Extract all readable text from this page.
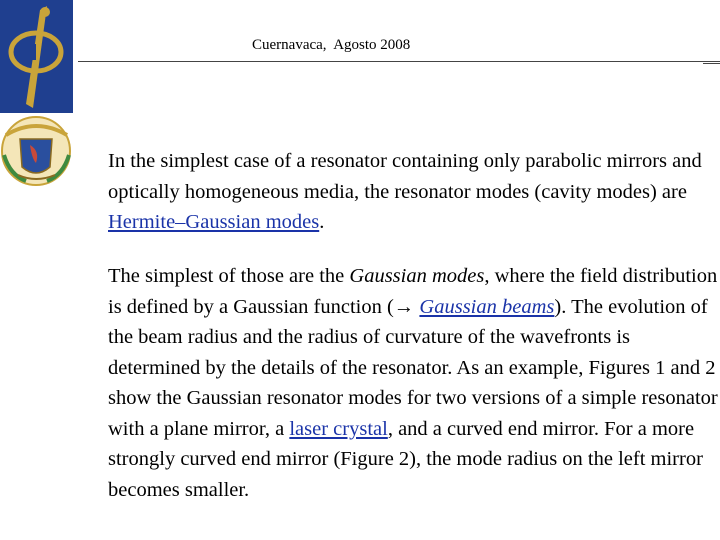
Cuernavaca,  Agosto 2008

In the simplest case of a resonator containing only parabolic mirrors and optically homogeneous media, the resonator modes (cavity modes) are Hermite–Gaussian modes.

The simplest of those are the Gaussian modes, where the field distribution is defined by a Gaussian function (→ Gaussian beams). The evolution of the beam radius and the radius of curvature of the wavefronts is determined by the details of the resonator. As an example, Figures 1 and 2 show the Gaussian resonator modes for two versions of a simple resonator with a plane mirror, a laser crystal, and a curved end mirror. For a more strongly curved end mirror (Figure 2), the mode radius on the left mirror becomes smaller.
